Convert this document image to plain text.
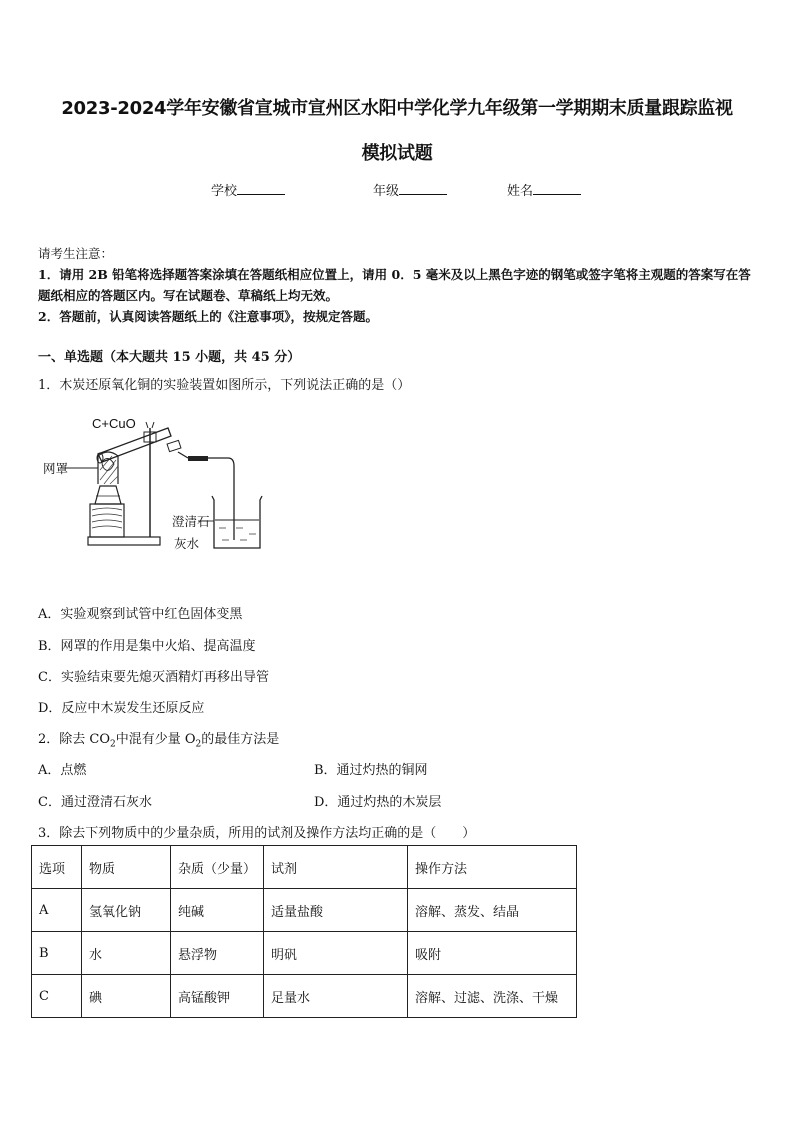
2023-2024学年安徽省宣城市宣州区水阳中学化学九年级第一学期期末质量跟踪监视
模拟试题
学校	年级	姓名
请考生注意：
1．请用 2B 铅笔将选择题答案涂填在答题纸相应位置上，请用 0．5 毫米及以上黑色字迹的钢笔或签字笔将主观题的答案写在答题纸相应的答题区内。写在试题卷、草稿纸上均无效。
2．答题前，认真阅读答题纸上的《注意事项》，按规定答题。
一、单选题（本大题共 15 小题，共 45 分）
1．木炭还原氧化铜的实验装置如图所示，下列说法正确的是（）
C+CuO
网罩
澄清石
灰水
A．实验观察到试管中红色固体变黑
B．网罩的作用是集中火焰、提高温度
C．实验结束要先熄灭酒精灯再移出导管
D．反应中木炭发生还原反应
2．除去 $CO_2$中混有少量 $O_2$的最佳方法是
A．点燃	B．通过灼热的铜网
C．通过澄清石灰水	D．通过灼热的木炭层
3．除去下列物质中的少量杂质，所用的试剂及操作方法均正确的是（　　）
选项	物质	杂质（少量）	试剂	操作方法
A	氢氧化钠	纯碱	适量盐酸	溶解、蒸发、结晶
B	水	悬浮物	明矾	吸附
C	碘	高锰酸钾	足量水	溶解、过滤、洗涤、干燥
